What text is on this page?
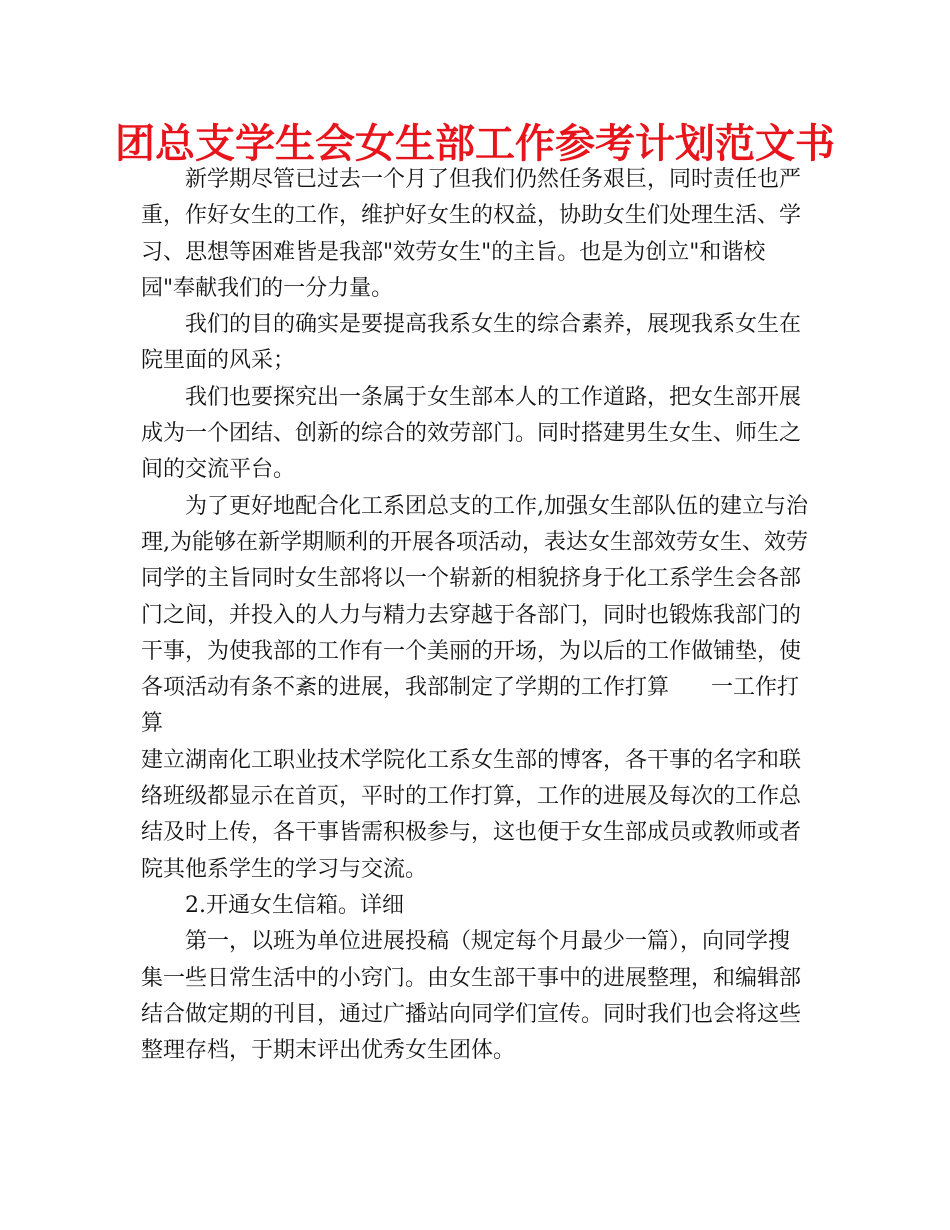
团总支学生会女生部工作参考计划范文书
新学期尽管已过去一个月了但我们仍然任务艰巨，同时责任也严
重，作好女生的工作，维护好女生的权益，协助女生们处理生活、学
习、思想等困难皆是我部"效劳女生"的主旨。也是为创立"和谐校
园"奉献我们的一分力量。
我们的目的确实是要提高我系女生的综合素养，展现我系女生在
院里面的风采；
我们也要探究出一条属于女生部本人的工作道路，把女生部开展
成为一个团结、创新的综合的效劳部门。同时搭建男生女生、师生之
间的交流平台。
为了更好地配合化工系团总支的工作,加强女生部队伍的建立与治
理,为能够在新学期顺利的开展各项活动，表达女生部效劳女生、效劳
同学的主旨同时女生部将以一个崭新的相貌挤身于化工系学生会各部
门之间，并投入的人力与精力去穿越于各部门，同时也锻炼我部门的
干事，为使我部的工作有一个美丽的开场，为以后的工作做铺垫，使
各项活动有条不紊的进展，我部制定了学期的工作打算 一工作打
算
建立湖南化工职业技术学院化工系女生部的博客，各干事的名字和联
络班级都显示在首页，平时的工作打算，工作的进展及每次的工作总
结及时上传，各干事皆需积极参与，这也便于女生部成员或教师或者
院其他系学生的学习与交流。
2.开通女生信箱。详细
第一，以班为单位进展投稿（规定每个月最少一篇），向同学搜
集一些日常生活中的小窍门。由女生部干事中的进展整理，和编辑部
结合做定期的刊目，通过广播站向同学们宣传。同时我们也会将这些
整理存档，于期末评出优秀女生团体。
